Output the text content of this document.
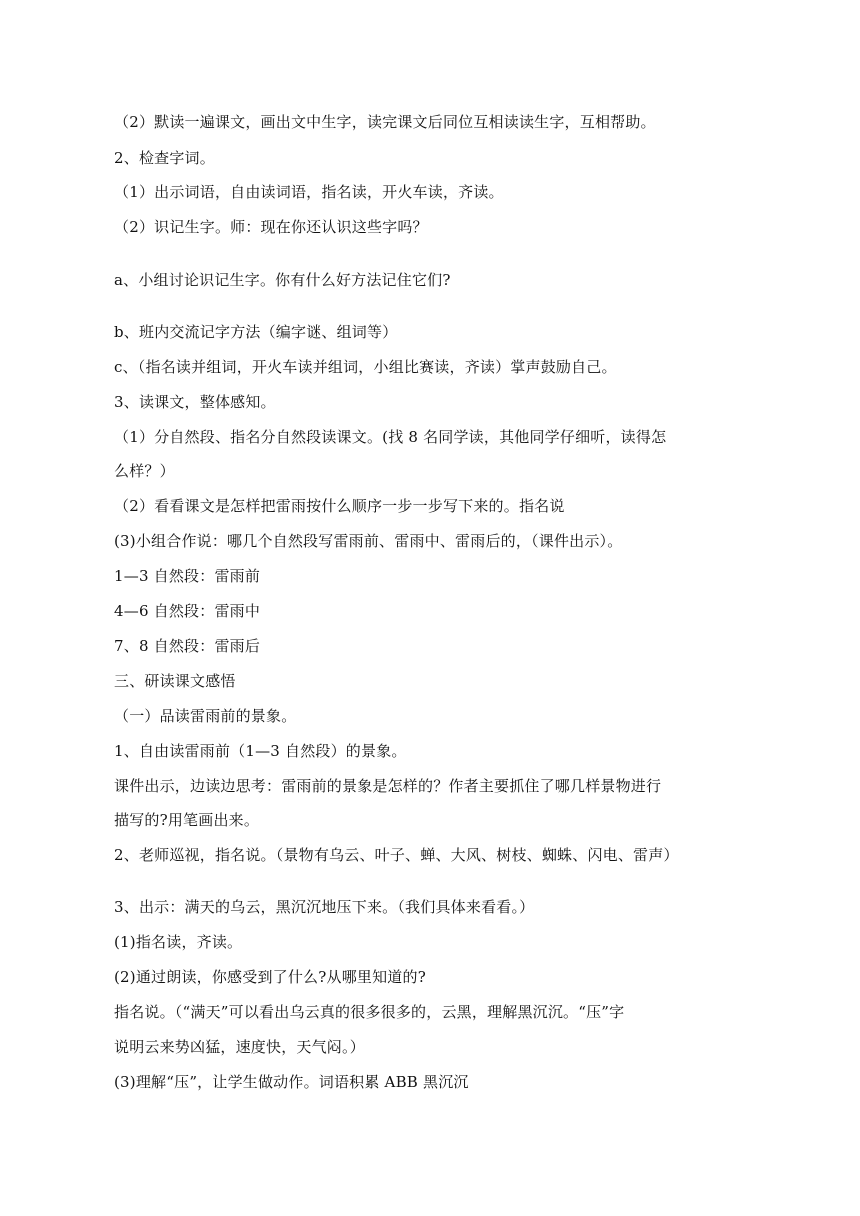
（2）默读一遍课文，画出文中生字，读完课文后同位互相读读生字，互相帮助。
2、检查字词。
（1）出示词语，自由读词语，指名读，开火车读，齐读。
（2）识记生字。师：现在你还认识这些字吗？
a、小组讨论识记生字。你有什么好方法记住它们?
b、班内交流记字方法（编字谜、组词等）
c、（指名读并组词，开火车读并组词，小组比赛读，齐读）掌声鼓励自己。
3、读课文，整体感知。
（1）分自然段、指名分自然段读课文。(找 8 名同学读，其他同学仔细听，读得怎
么样？）
（2）看看课文是怎样把雷雨按什么顺序一步一步写下来的。指名说
(3)小组合作说：哪几个自然段写雷雨前、雷雨中、雷雨后的，（课件出示）。
1—3 自然段：雷雨前
4—6 自然段：雷雨中
7、8 自然段：雷雨后
三、研读课文感悟
（一）品读雷雨前的景象。
1、自由读雷雨前（1—3 自然段）的景象。
课件出示，边读边思考：雷雨前的景象是怎样的？作者主要抓住了哪几样景物进行
描写的?用笔画出来。
2、老师巡视，指名说。（景物有乌云、叶子、蝉、大风、树枝、蜘蛛、闪电、雷声）
3、出示：满天的乌云，黑沉沉地压下来。（我们具体来看看。）
(1)指名读，齐读。
(2)通过朗读，你感受到了什么?从哪里知道的?
指名说。（“满天”可以看出乌云真的很多很多的，云黑，理解黑沉沉。“压”字
说明云来势凶猛，速度快，天气闷。）
(3)理解“压”，让学生做动作。词语积累 ABB 黑沉沉
